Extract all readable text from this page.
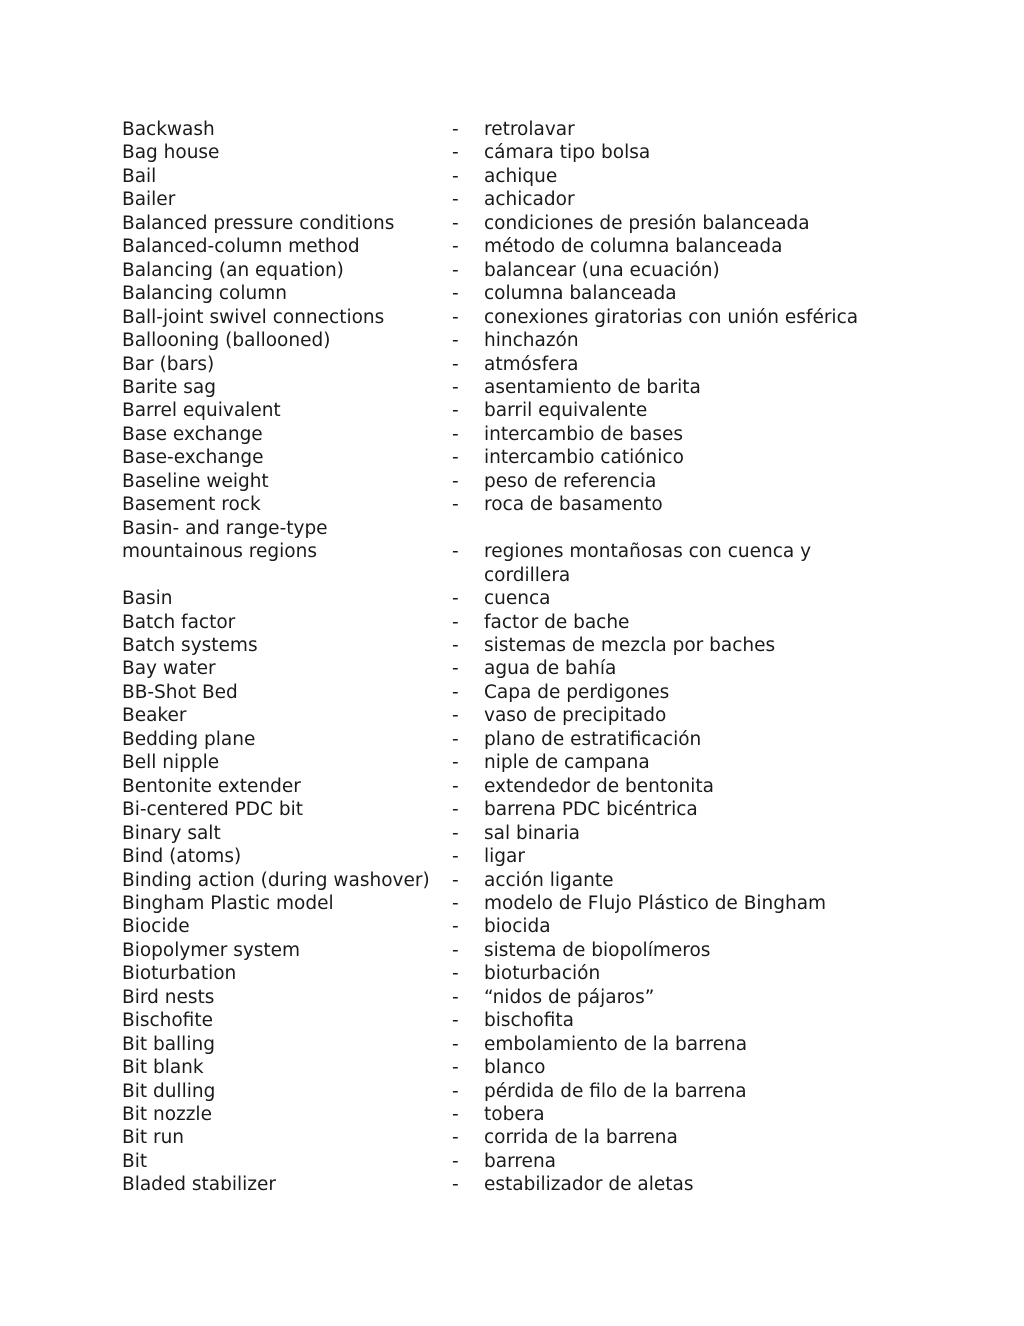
Backwash	-	retrolavar
Bag house	-	cámara tipo bolsa
Bail	-	achique
Bailer	-	achicador
Balanced pressure conditions	-	condiciones de presión balanceada
Balanced-column method	-	método de columna balanceada
Balancing (an equation)	-	balancear (una ecuación)
Balancing column	-	columna balanceada
Ball-joint swivel connections	-	conexiones giratorias con unión esférica
Ballooning (ballooned)	-	hinchazón
Bar (bars)	-	atmósfera
Barite sag	-	asentamiento de barita
Barrel equivalent	-	barril equivalente
Base exchange	-	intercambio de bases
Base-exchange	-	intercambio catiónico
Baseline weight	-	peso de referencia
Basement rock	-	roca de basamento
Basin- and range-type
mountainous regions	-	regiones montañosas con cuenca y
cordillera
Basin	-	cuenca
Batch factor	-	factor de bache
Batch systems	-	sistemas de mezcla por baches
Bay water	-	agua de bahía
BB-Shot Bed	-	Capa de perdigones
Beaker	-	vaso de precipitado
Bedding plane	-	plano de estratificación
Bell nipple	-	niple de campana
Bentonite extender	-	extendedor de bentonita
Bi-centered PDC bit	-	barrena PDC bicéntrica
Binary salt	-	sal binaria
Bind (atoms)	-	ligar
Binding action (during washover)	-	acción ligante
Bingham Plastic model	-	modelo de Flujo Plástico de Bingham
Biocide	-	biocida
Biopolymer system	-	sistema de biopolímeros
Bioturbation	-	bioturbación
Bird nests	-	“nidos de pájaros”
Bischofite	-	bischofita
Bit balling	-	embolamiento de la barrena
Bit blank	-	blanco
Bit dulling	-	pérdida de filo de la barrena
Bit nozzle	-	tobera
Bit run	-	corrida de la barrena
Bit	-	barrena
Bladed stabilizer	-	estabilizador de aletas
